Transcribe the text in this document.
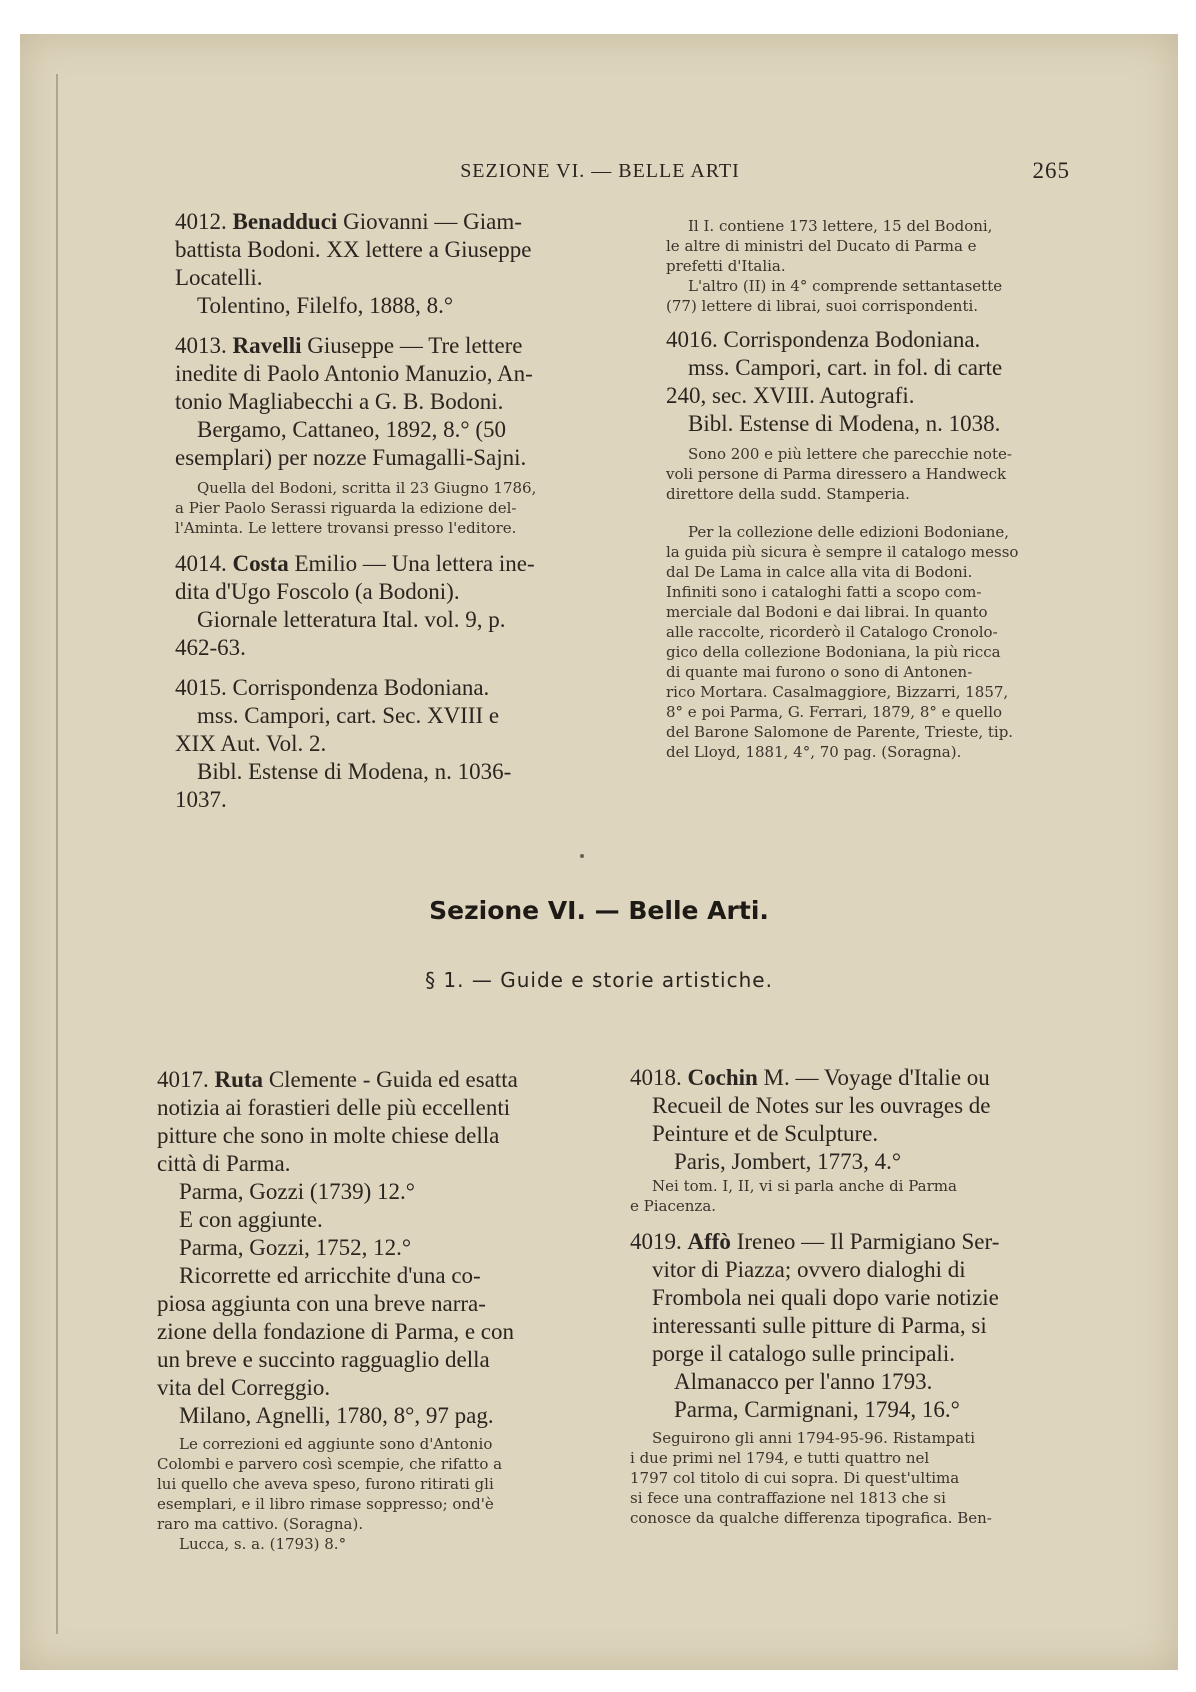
SEZIONE VI. — BELLE ARTI	265

4012. Benadduci Giovanni — Giam-

battista Bodoni. XX lettere a Giuseppe

Locatelli.

Tolentino, Filelfo, 1888, 8.°

4013. Ravelli Giuseppe — Tre lettere

inedite di Paolo Antonio Manuzio, An-

tonio Magliabecchi a G. B. Bodoni.

Bergamo, Cattaneo, 1892, 8.° (50

esemplari) per nozze Fumagalli-Sajni.

Quella del Bodoni, scritta il 23 Giugno 1786,

a Pier Paolo Serassi riguarda la edizione del-

l'Aminta. Le lettere trovansi presso l'editore.

4014. Costa Emilio — Una lettera ine-

dita d'Ugo Foscolo (a Bodoni).

Giornale letteratura Ital. vol. 9, p.

462-63.

4015. Corrispondenza Bodoniana.

mss. Campori, cart. Sec. XVIII e

XIX Aut. Vol. 2.

Bibl. Estense di Modena, n. 1036-

1037.

Il I. contiene 173 lettere, 15 del Bodoni,

le altre di ministri del Ducato di Parma e

prefetti d'Italia.

L'altro (II) in 4° comprende settantasette

(77) lettere di librai, suoi corrispondenti.

4016. Corrispondenza Bodoniana.

mss. Campori, cart. in fol. di carte

240, sec. XVIII. Autografi.

Bibl. Estense di Modena, n. 1038.

Sono 200 e più lettere che parecchie note-

voli persone di Parma diressero a Handweck

direttore della sudd. Stamperia.

Per la collezione delle edizioni Bodoniane,

la guida più sicura è sempre il catalogo messo

dal De Lama in calce alla vita di Bodoni.

Infiniti sono i cataloghi fatti a scopo com-

merciale dal Bodoni e dai librai. In quanto

alle raccolte, ricorderò il Catalogo Cronolo-

gico della collezione Bodoniana, la più ricca

di quante mai furono o sono di Antonen-

rico Mortara. Casalmaggiore, Bizzarri, 1857,

8° e poi Parma, G. Ferrari, 1879, 8° e quello

del Barone Salomone de Parente, Trieste, tip.

del Lloyd, 1881, 4°, 70 pag. (Soragna).

Sezione VI. — Belle Arti.
§ 1. — Guide e storie artistiche.

4017. Ruta Clemente - Guida ed esatta

notizia ai forastieri delle più eccellenti

pitture che sono in molte chiese della

città di Parma.

Parma, Gozzi (1739) 12.°

E con aggiunte.

Parma, Gozzi, 1752, 12.°

Ricorrette ed arricchite d'una co-

piosa aggiunta con una breve narra-

zione della fondazione di Parma, e con

un breve e succinto ragguaglio della

vita del Correggio.

Milano, Agnelli, 1780, 8°, 97 pag.

Le correzioni ed aggiunte sono d'Antonio

Colombi e parvero così scempie, che rifatto a

lui quello che aveva speso, furono ritirati gli

esemplari, e il libro rimase soppresso; ond'è

raro ma cattivo. (Soragna).

Lucca, s. a. (1793) 8.°

4018. Cochin M. — Voyage d'Italie ou

Recueil de Notes sur les ouvrages de

Peinture et de Sculpture.

Paris, Jombert, 1773, 4.°

Nei tom. I, II, vi si parla anche di Parma

e Piacenza.

4019. Affò Ireneo — Il Parmigiano Ser-

vitor di Piazza; ovvero dialoghi di

Frombola nei quali dopo varie notizie

interessanti sulle pitture di Parma, si

porge il catalogo sulle principali.

Almanacco per l'anno 1793.

Parma, Carmignani, 1794, 16.°

Seguirono gli anni 1794-95-96. Ristampati

i due primi nel 1794, e tutti quattro nel

1797 col titolo di cui sopra. Di quest'ultima

si fece una contraffazione nel 1813 che si

conosce da qualche differenza tipografica. Ben-
